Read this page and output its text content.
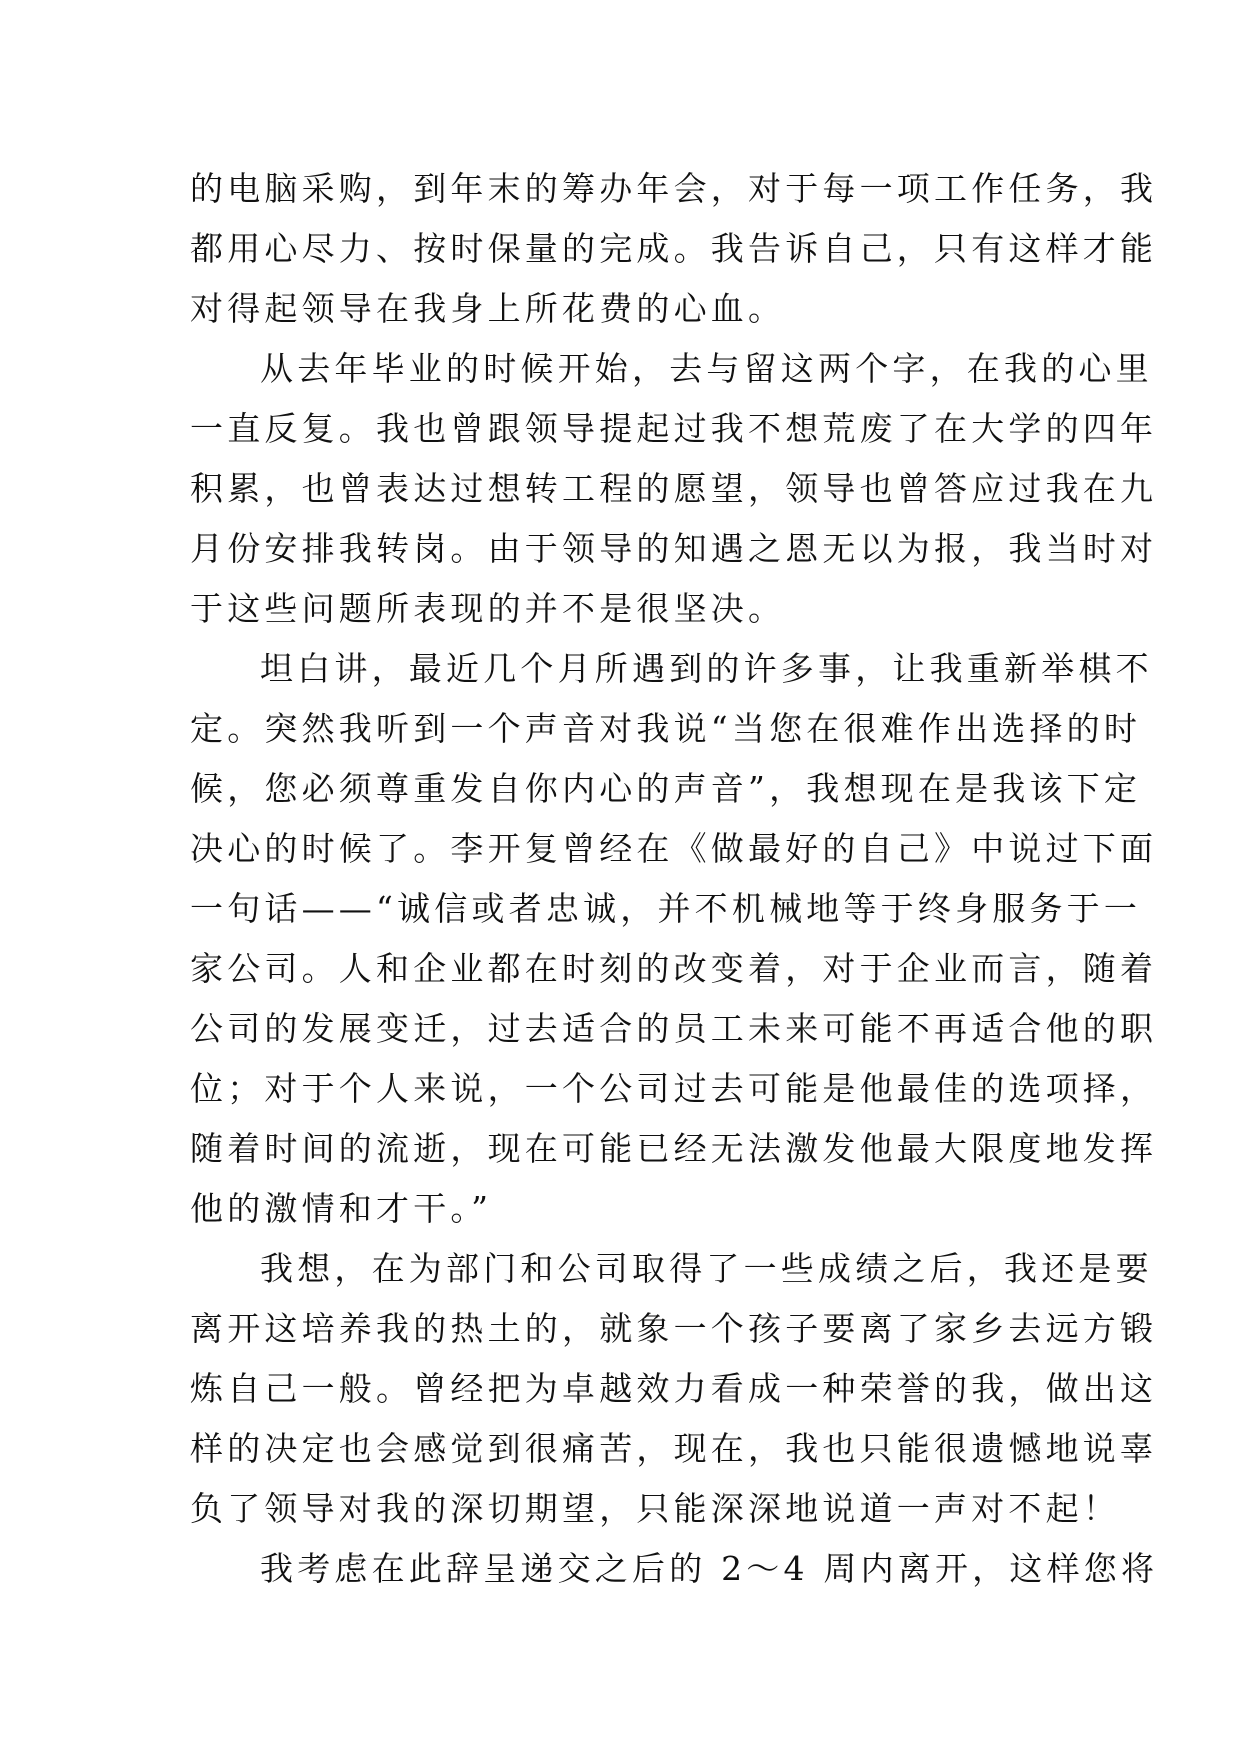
的电脑采购，到年末的筹办年会，对于每一项工作任务，我
都用心尽力、按时保量的完成。我告诉自己，只有这样才能
对得起领导在我身上所花费的心血。
从去年毕业的时候开始，去与留这两个字，在我的心里
一直反复。我也曾跟领导提起过我不想荒废了在大学的四年
积累，也曾表达过想转工程的愿望，领导也曾答应过我在九
月份安排我转岗。由于领导的知遇之恩无以为报，我当时对
于这些问题所表现的并不是很坚决。
坦白讲，最近几个月所遇到的许多事，让我重新举棋不
定。突然我听到一个声音对我说“当您在很难作出选择的时
候，您必须尊重发自你内心的声音”，我想现在是我该下定
决心的时候了。李开复曾经在《做最好的自己》中说过下面
一句话——“诚信或者忠诚，并不机械地等于终身服务于一
家公司。人和企业都在时刻的改变着，对于企业而言，随着
公司的发展变迁，过去适合的员工未来可能不再适合他的职
位；对于个人来说，一个公司过去可能是他最佳的选项择，
随着时间的流逝，现在可能已经无法激发他最大限度地发挥
他的激情和才干。”
我想，在为部门和公司取得了一些成绩之后，我还是要
离开这培养我的热土的，就象一个孩子要离了家乡去远方锻
炼自己一般。曾经把为卓越效力看成一种荣誉的我，做出这
样的决定也会感觉到很痛苦，现在，我也只能很遗憾地说辜
负了领导对我的深切期望，只能深深地说道一声对不起！
我考虑在此辞呈递交之后的 2～4 周内离开，这样您将
